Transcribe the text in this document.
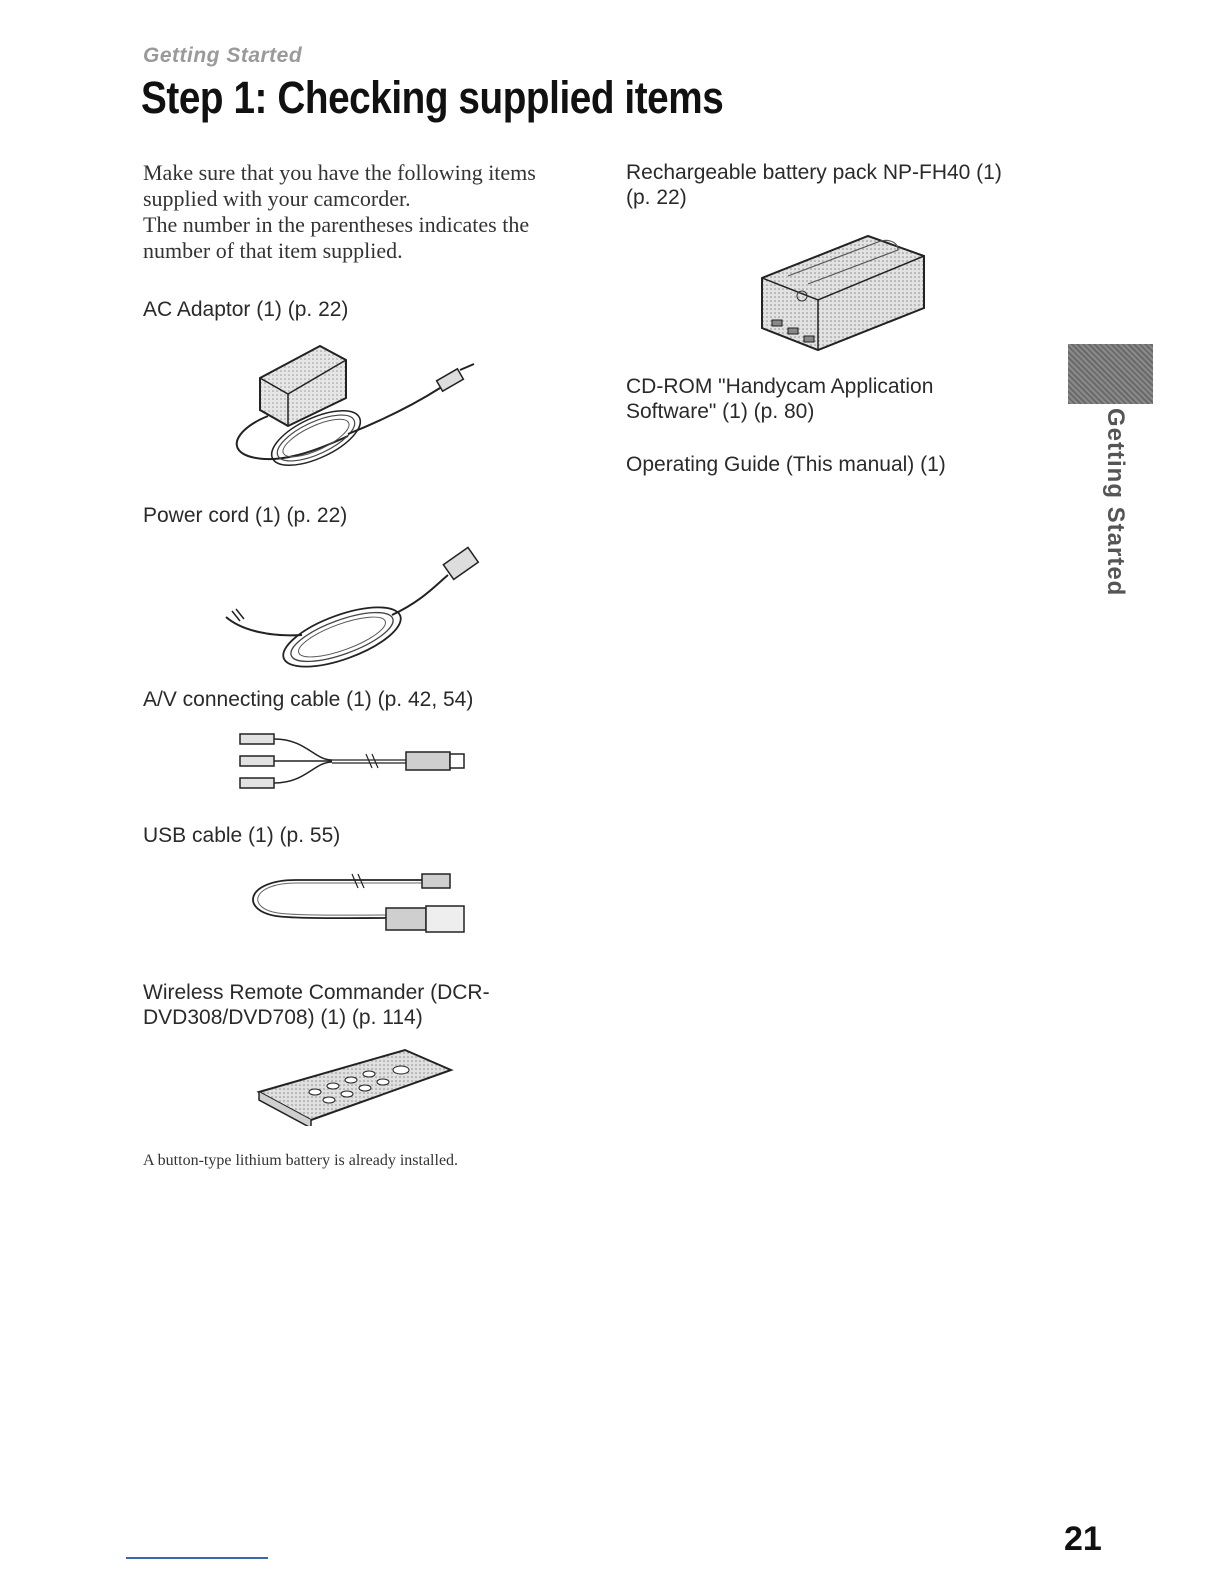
Getting Started
Step 1: Checking supplied items

Make sure that you have the following items supplied with your camcorder.

The number in the parentheses indicates the number of that item supplied.

AC Adaptor (1) (p. 22)
Power cord (1) (p. 22)
A/V connecting cable (1) (p. 42, 54)
USB cable (1) (p. 55)
Wireless Remote Commander (DCR-
DVD308/DVD708) (1) (p. 114)
A button-type lithium battery is already installed.
Rechargeable battery pack NP-FH40 (1)
(p. 22)
CD-ROM "Handycam Application
Software" (1) (p. 80)
Operating Guide (This manual) (1)	Getting Started
21
